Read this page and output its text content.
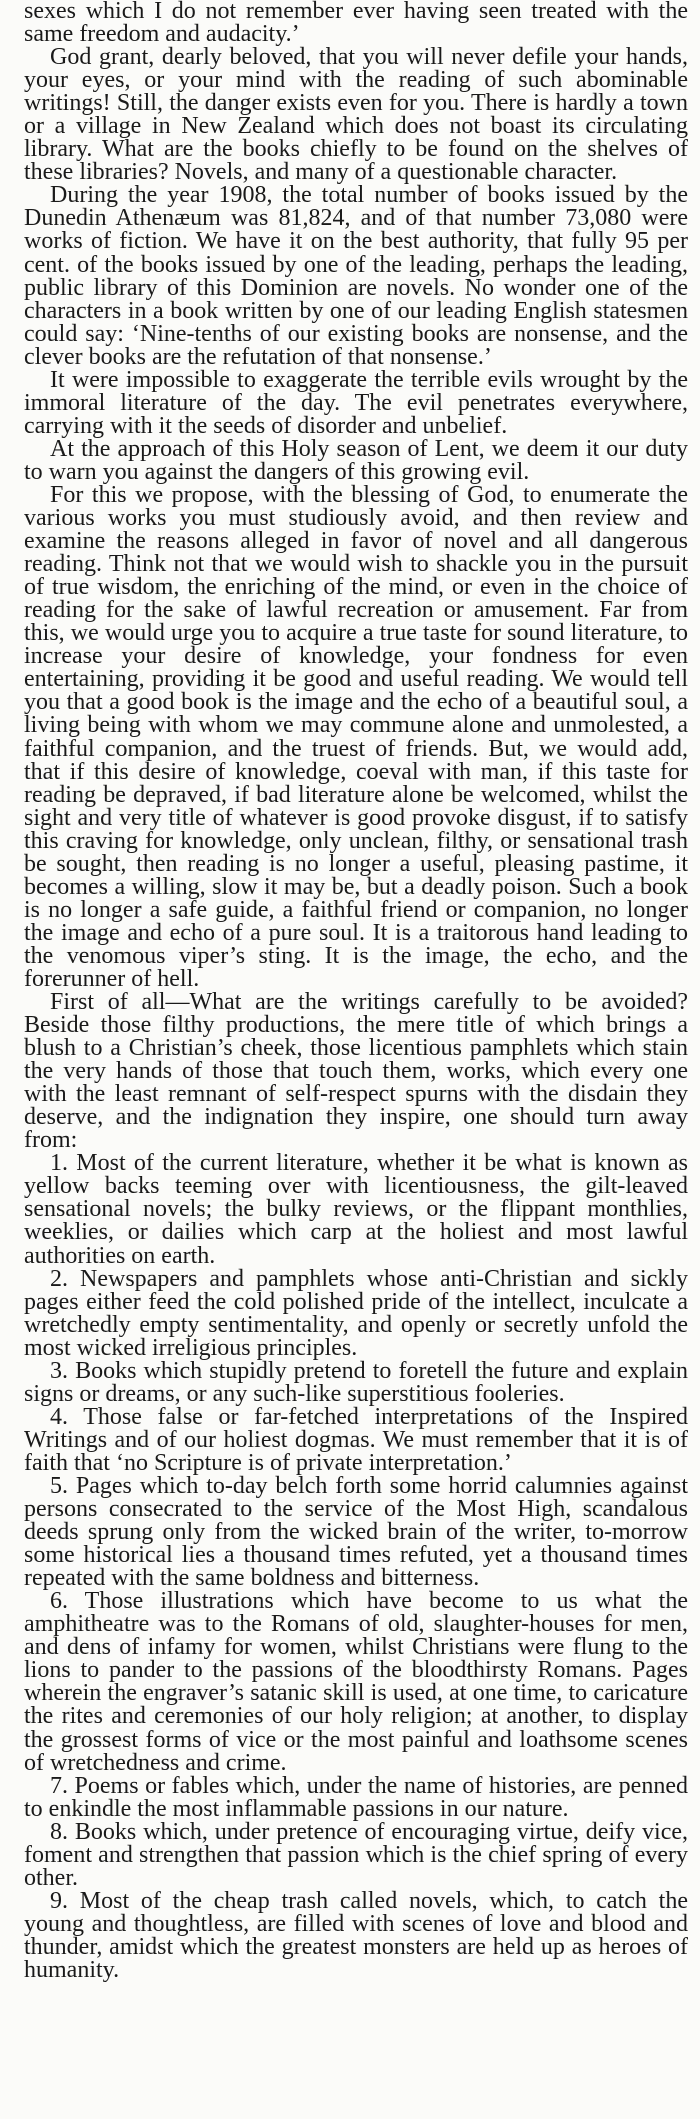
sexes which I do not remember ever having seen treated with the same freedom and audacity.’

God grant, dearly beloved, that you will never defile your hands, your eyes, or your mind with the reading of such abominable writings! Still, the danger exists even for you. There is hardly a town or a village in New Zealand which does not boast its circulating library. What are the books chiefly to be found on the shelves of these libraries? Novels, and many of a questionable character.

During the year 1908, the total number of books issued by the Dunedin Athenæum was 81,824, and of that number 73,080 were works of fiction. We have it on the best authority, that fully 95 per cent. of the books issued by one of the leading, perhaps the leading, public library of this Dominion are novels. No wonder one of the characters in a book written by one of our leading English statesmen could say: ‘Nine-tenths of our existing books are nonsense, and the clever books are the refutation of that nonsense.’

It were impossible to exaggerate the terrible evils wrought by the immoral literature of the day. The evil penetrates everywhere, carrying with it the seeds of disorder and unbelief.

At the approach of this Holy season of Lent, we deem it our duty to warn you against the dangers of this growing evil.

For this we propose, with the blessing of God, to enumerate the various works you must studiously avoid, and then review and examine the reasons alleged in favor of novel and all dangerous reading. Think not that we would wish to shackle you in the pursuit of true wisdom, the enriching of the mind, or even in the choice of reading for the sake of lawful recreation or amusement. Far from this, we would urge you to acquire a true taste for sound literature, to increase your desire of knowledge, your fondness for even entertaining, providing it be good and useful reading. We would tell you that a good book is the image and the echo of a beautiful soul, a living being with whom we may commune alone and unmolested, a faithful companion, and the truest of friends. But, we would add, that if this desire of knowledge, coeval with man, if this taste for reading be depraved, if bad literature alone be welcomed, whilst the sight and very title of whatever is good provoke disgust, if to satisfy this craving for knowledge, only unclean, filthy, or sensational trash be sought, then reading is no longer a useful, pleasing pastime, it becomes a willing, slow it may be, but a deadly poison. Such a book is no longer a safe guide, a faithful friend or companion, no longer the image and echo of a pure soul. It is a traitorous hand leading to the venomous viper’s sting. It is the image, the echo, and the forerunner of hell.

First of all—What are the writings carefully to be avoided? Beside those filthy productions, the mere title of which brings a blush to a Christian’s cheek, those licentious pamphlets which stain the very hands of those that touch them, works, which every one with the least remnant of self-respect spurns with the disdain they deserve, and the indignation they inspire, one should turn away from:

1. Most of the current literature, whether it be what is known as yellow backs teeming over with licentiousness, the gilt-leaved sensational novels; the bulky reviews, or the flippant monthlies, weeklies, or dailies which carp at the holiest and most lawful authorities on earth.

2. Newspapers and pamphlets whose anti-Christian and sickly pages either feed the cold polished pride of the intellect, inculcate a wretchedly empty sentimentality, and openly or secretly unfold the most wicked irreligious principles.

3. Books which stupidly pretend to foretell the future and explain signs or dreams, or any such-like superstitious fooleries.

4. Those false or far-fetched interpretations of the Inspired Writings and of our holiest dogmas. We must remember that it is of faith that ‘no Scripture is of private interpretation.’

5. Pages which to-day belch forth some horrid calumnies against persons consecrated to the service of the Most High, scandalous deeds sprung only from the wicked brain of the writer, to-morrow some historical lies a thousand times refuted, yet a thousand times repeated with the same boldness and bitterness.

6. Those illustrations which have become to us what the amphitheatre was to the Romans of old, slaughter-houses for men, and dens of infamy for women, whilst Christians were flung to the lions to pander to the passions of the bloodthirsty Romans. Pages wherein the engraver’s satanic skill is used, at one time, to caricature the rites and ceremonies of our holy religion; at another, to display the grossest forms of vice or the most painful and loathsome scenes of wretchedness and crime.

7. Poems or fables which, under the name of histories, are penned to enkindle the most inflammable passions in our nature.

8. Books which, under pretence of encouraging virtue, deify vice, foment and strengthen that passion which is the chief spring of every other.

9. Most of the cheap trash called novels, which, to catch the young and thoughtless, are filled with scenes of love and blood and thunder, amidst which the greatest monsters are held up as heroes of humanity.
